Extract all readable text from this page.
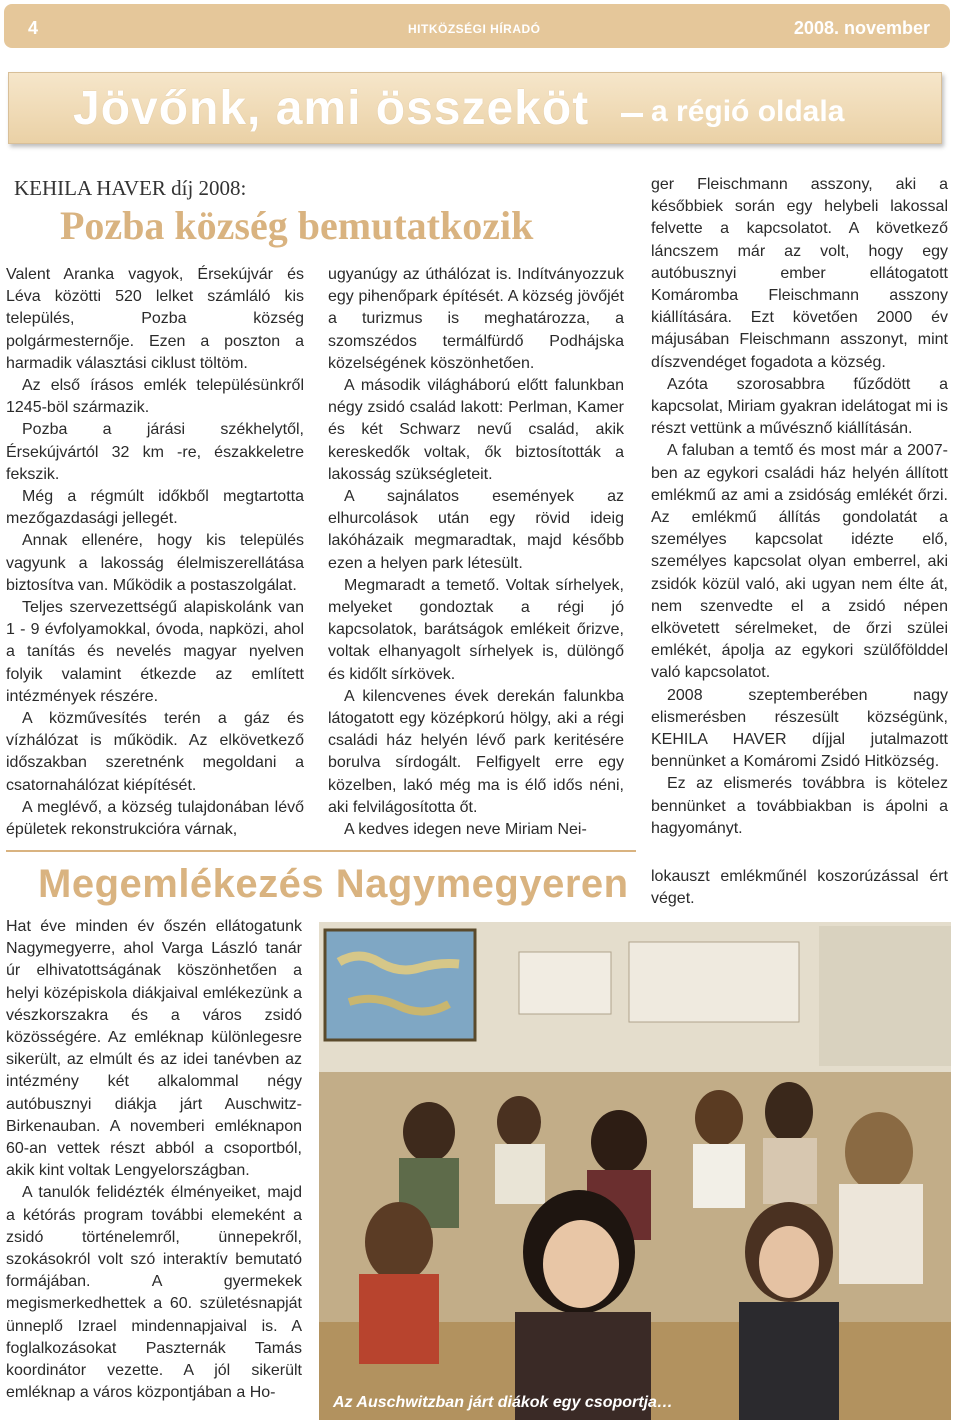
4	HITKÖZSÉGI HÍRADÓ	2008. november
Jövőnk, ami összeköt a régió oldala
KEHILA HAVER díj 2008:
Pozba község bemutatkozik

Valent Aranka vagyok, Érsekújvár és Léva közötti 520 lelket számláló kis település, Pozba község polgármesternője. Ezen a poszton a harmadik választási ciklust töltöm.

Az első írásos emlék településünkről 1245-böl származik.

Pozba a járási székhelytől, Érsekújvártól 32 km -re, északkeletre fekszik.

Még a régmúlt időkből megtartotta mezőgazdasági jellegét.

Annak ellenére, hogy kis település vagyunk a lakosság élelmiszerellátása biztosítva van. Működik a postaszolgálat.

Teljes szervezettségű alapiskolánk van 1 - 9 évfolyamokkal, óvoda, napközi, ahol a tanítás és nevelés magyar nyelven folyik valamint étkezde az említett intézmények részére.

A közművesítés terén a gáz és vízhálózat is működik. Az elkövetkező időszakban szeretnénk megoldani a csatornahálózat kiépítését.

A meglévő, a község tulajdonában lévő épületek rekonstrukcióra várnak,

ugyanúgy az úthálózat is. Indítványozzuk egy pihenőpark építését. A község jövőjét a turizmus is meghatározza, a szomszédos termálfürdő Podhájska közelségének köszönhetően.

A második világháború előtt falunkban négy zsidó család lakott: Perlman, Kamer és két Schwarz nevű család, akik kereskedők voltak, ők biztosították a lakosság szükségleteit.

A sajnálatos események az elhurcolások után egy rövid ideig lakóházaik megmaradtak, majd később ezen a helyen park létesült.

Megmaradt a temető. Voltak sírhelyek, melyeket gondoztak a régi jó kapcsolatok, barátságok emlékeit őrizve, voltak elhanyagolt sírhelyek is, dülöngő és kidőlt sírkövek.

A kilencvenes évek derekán falunkba látogatott egy középkorú hölgy, aki a régi családi ház helyén lévő park keritésére borulva sírdogált. Felfigyelt erre egy közelben, lakó még ma is élő idős néni, aki felvilágosította őt.

A kedves idegen neve Miriam Nei-

ger Fleischmann asszony, aki a későbbiek során egy helybeli lakossal felvette a kapcsolatot. A következő láncszem már az volt, hogy egy autóbusznyi ember ellátogatott Komáromba Fleischmann asszony kiállítására. Ezt követően 2000 év májusában Fleischmann asszonyt, mint díszvendéget fogadota a község.

Azóta szorosabbra fűződött a kapcsolat, Miriam gyakran idelátogat mi is részt vettünk a művésznő kiállításán.

A faluban a temtő és most már a 2007-ben az egykori családi ház helyén állított emlékmű az ami a zsidóság emlékét őrzi. Az emlékmű állítás gondolatát a személyes kapcsolat idézte elő, személyes kapcsolat olyan emberrel, aki zsidók közül való, aki ugyan nem élte át, nem szenvedte el a zsidó népen elkövetett sérelmeket, de őrzi szülei emlékét, ápolja az egykori szülőfölddel való kapcsolatot.

2008 szeptemberében nagy elismerésben részesült községünk, KEHILA HAVER díjjal jutalmazott bennünket a Komáromi Zsidó Hitközség.

Ez az elismerés továbbra is kötelez bennünket a továbbiakban is ápolni a hagyományt.

Megemlékezés Nagymegyeren

Hat éve minden év őszén ellátogatunk Nagymegyerre, ahol Varga László tanár úr elhivatottságának köszönhetően a helyi középiskola diákjaival emlékezünk a vészkorszakra és a város zsidó közösségére. Az emléknap különlegesre sikerült, az elmúlt és az idei tanévben az intézmény két alkalommal négy autóbusznyi diákja járt Auschwitz-Birkenauban. A novemberi emléknapon 60-an vettek részt abból a csoportból, akik kint voltak Lengyelországban.

A tanulók felidézték élményeiket, majd a kétórás program további elemeként a zsidó történelemről, ünnepekről, szokásokról volt szó interaktív bemutató formájában. A gyermekek megismerkedhettek a 60. születésnapját ünneplő Izrael mindennapjaival is. A foglalkozásokat Paszternák Tamás koordinátor vezette. A jól sikerült emléknap a város központjában a Ho-

lokauszt emlékműnél koszorúzással ért véget.

Az Auschwitzban járt diákok egy csoportja…
